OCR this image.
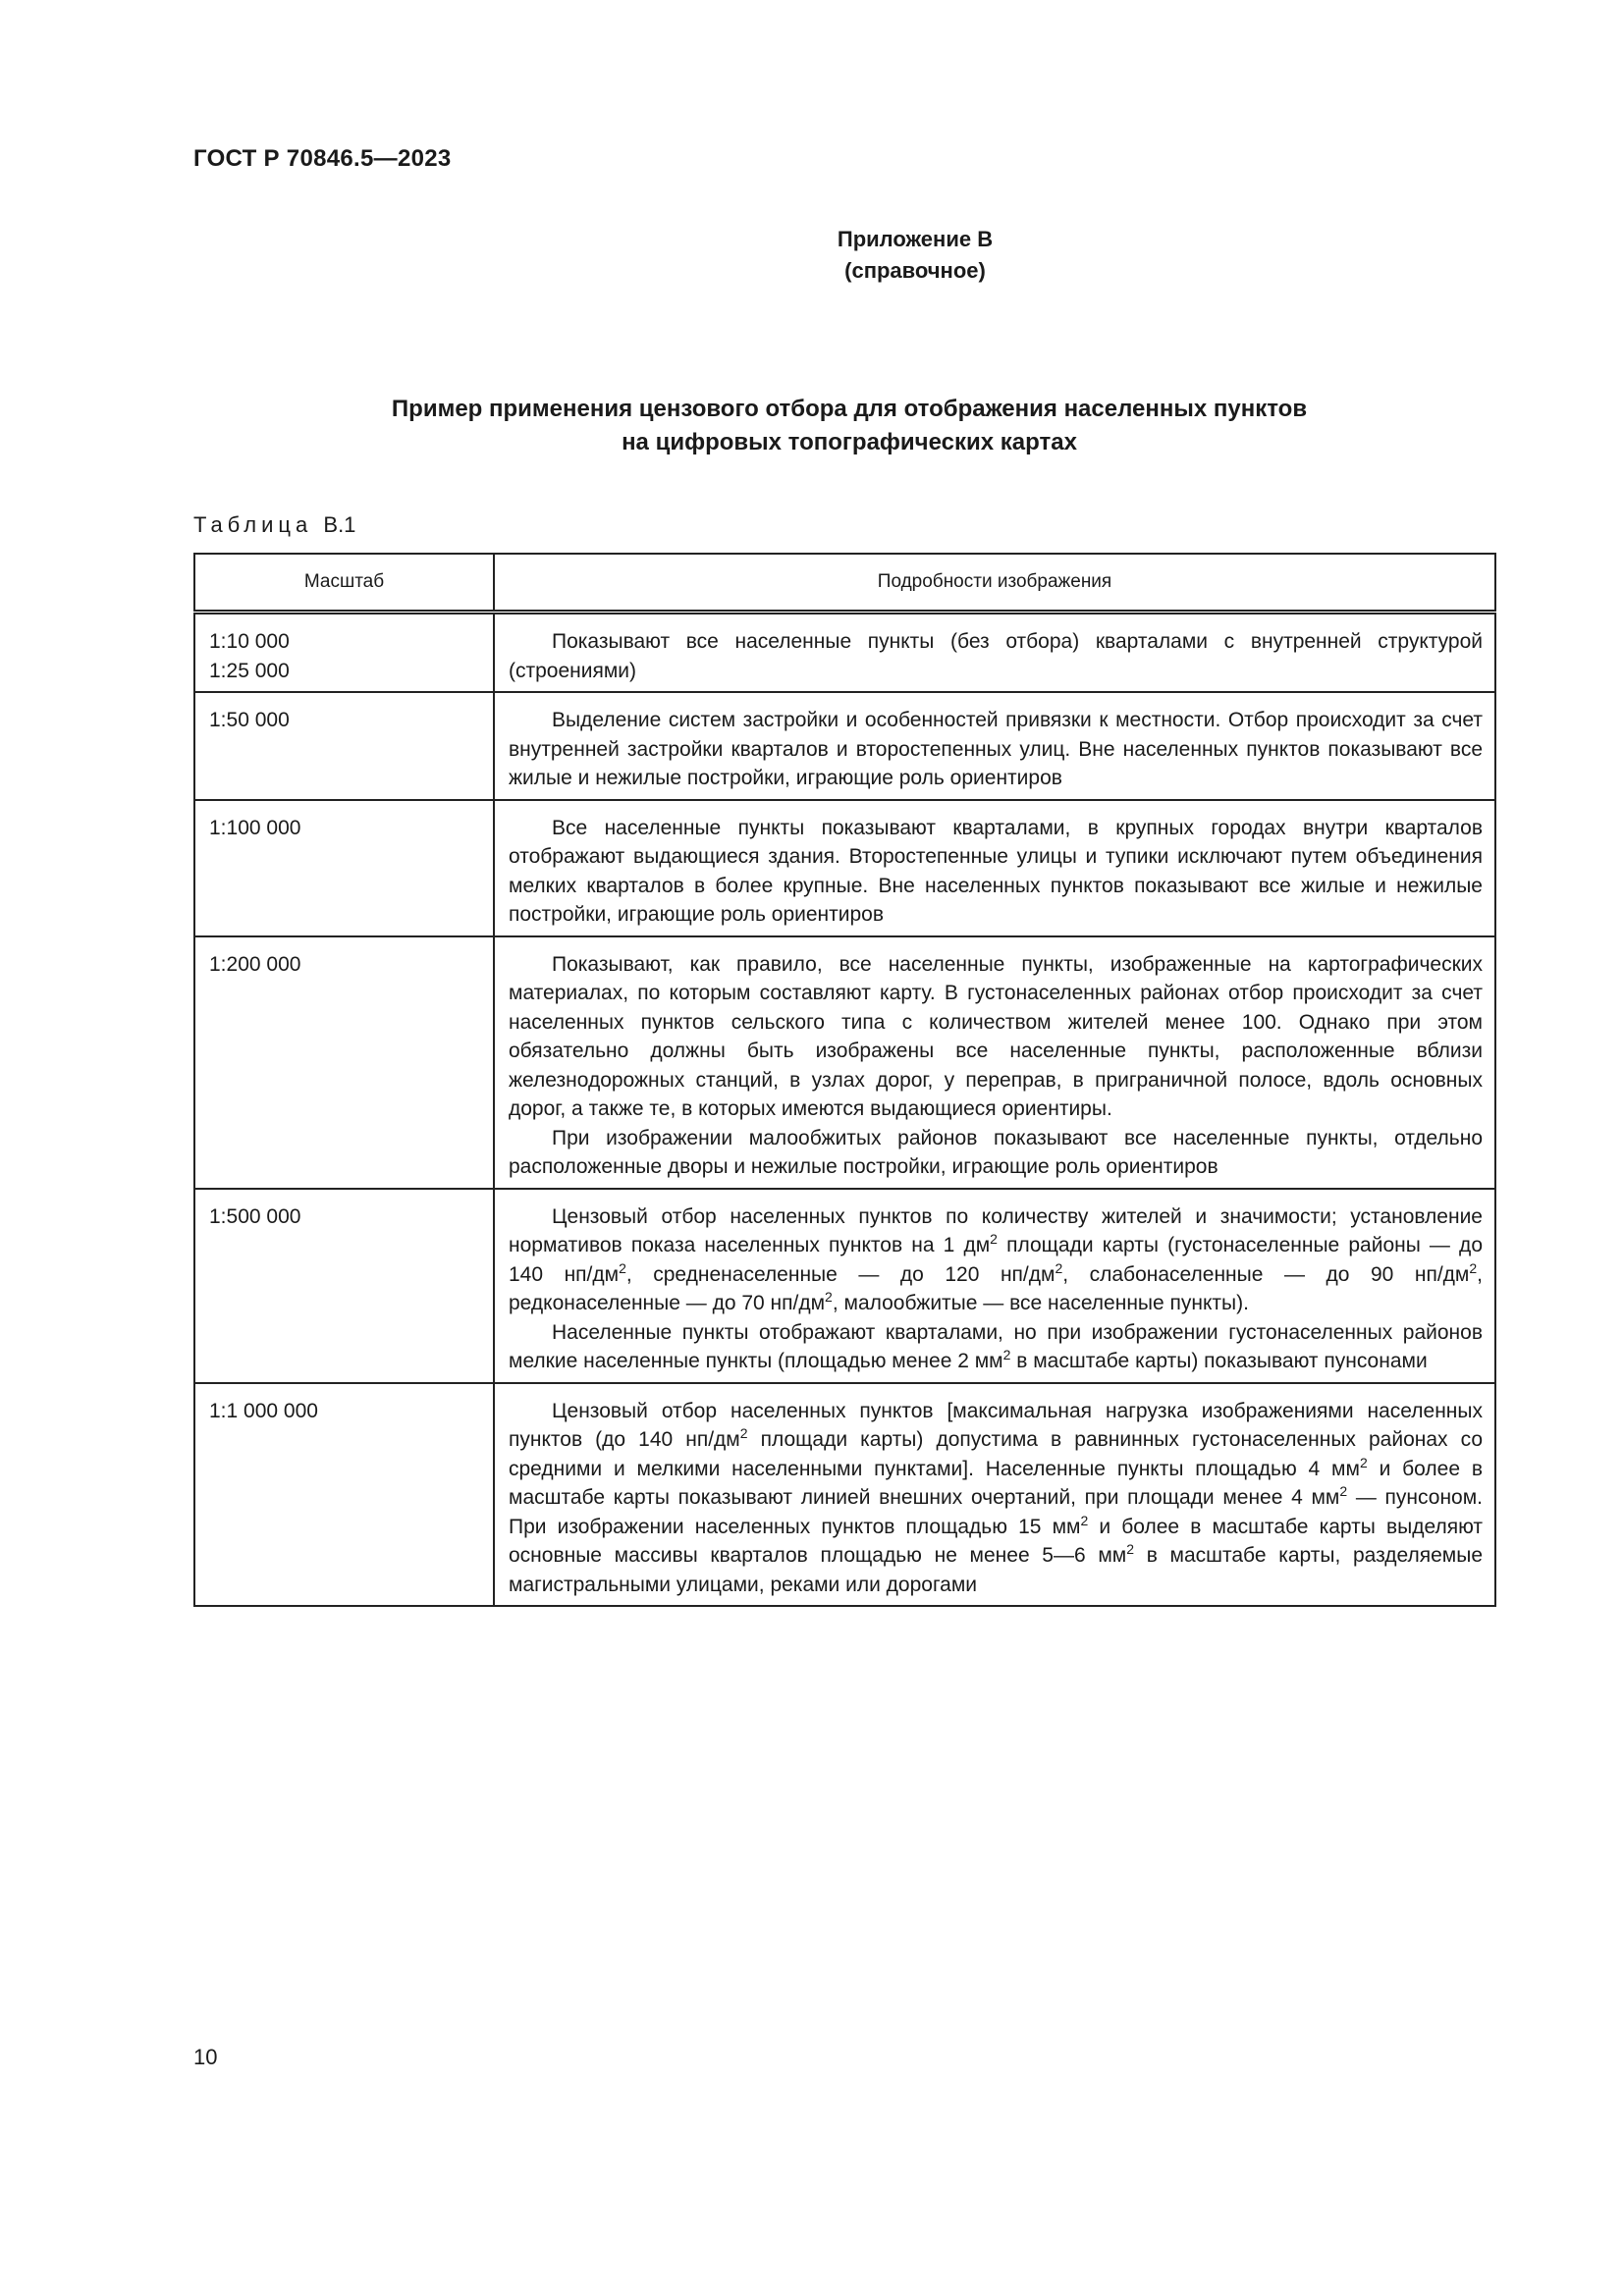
ГОСТ Р 70846.5—2023
Приложение В
(справочное)
Пример применения цензового отбора для отображения населенных пунктов
на цифровых топографических картах
Таблица В.1
Масштаб	Подробности изображения

1:10 000
1:25 000	Показывают все населенные пункты (без отбора) кварталами с внутренней структурой (строениями)

1:50 000	Выделение систем застройки и особенностей привязки к местности. Отбор происходит за счет внутренней застройки кварталов и второстепенных улиц. Вне населенных пунктов показывают все жилые и нежилые постройки, играющие роль ориентиров

1:100 000	Все населенные пункты показывают кварталами, в крупных городах внутри кварталов отображают выдающиеся здания. Второстепенные улицы и тупики исключают путем объединения мелких кварталов в более крупные. Вне населенных пунктов показывают все жилые и нежилые постройки, играющие роль ориентиров

1:200 000	Показывают, как правило, все населенные пункты, изображенные на картографических материалах, по которым составляют карту. В густонаселенных районах отбор происходит за счет населенных пунктов сельского типа с количеством жителей менее 100. Однако при этом обязательно должны быть изображены все населенные пункты, расположенные вблизи железнодорожных станций, в узлах дорог, у переправ, в приграничной полосе, вдоль основных дорог, а также те, в которых имеются выдающиеся ориентиры.

При изображении малообжитых районов показывают все населенные пункты, отдельно расположенные дворы и нежилые постройки, играющие роль ориентиров

1:500 000	Цензовый отбор населенных пунктов по количеству жителей и значимости; установление нормативов показа населенных пунктов на 1 $дм^2$ площади карты (густонаселенные районы — до 140 $нп/дм^2$, средненаселенные — до 120 $нп/дм^2$, слабонаселенные — до 90 $нп/дм^2$, редконаселенные — до 70 $нп/дм^2$, малообжитые — все населенные пункты).

Населенные пункты отображают кварталами, но при изображении густонаселенных районов мелкие населенные пункты (площадью менее 2 $мм^2$ в масштабе карты) показывают пунсонами

1:1 000 000	Цензовый отбор населенных пунктов [максимальная нагрузка изображениями населенных пунктов (до 140 $нп/дм^2$ площади карты) допустима в равнинных густонаселенных районах со средними и мелкими населенными пунктами]. Населенные пункты площадью 4 $мм^2$ и более в масштабе карты показывают линией внешних очертаний, при площади менее 4 $мм^2$ — пунсоном. При изображении населенных пунктов площадью 15 $мм^2$ и более в масштабе карты выделяют основные массивы кварталов площадью не менее 5—6 $мм^2$ в масштабе карты, разделяемые магистральными улицами, реками или дорогами

10
